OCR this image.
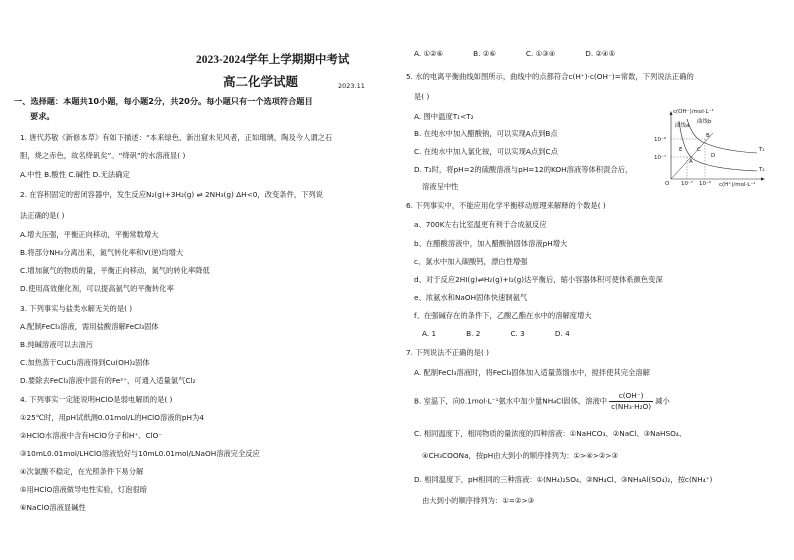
2023-2024学年上学期期中考试
高二化学试题	2023.11
一、选择题：本题共10小题，每小题2分，共20分。每小题只有一个选项符合题目
要求。
1. 唐代苏敬《新修本草》有如下描述：“本来绿色，新出窟未见风者，正如瑠璃，陶及今人谓之石
胆，烧之赤色，故名绛矾矣”。“绛矾”的水溶液显( )
A.中性 B.酸性 C.碱性 D.无法确定
2. 在容积固定的密闭容器中，发生反应N₂(g)+3H₂(g) ⇌ 2NH₃(g) ΔH<0，改变条件，下列说
法正确的是( )
A.增大压强，平衡正向移动，平衡常数增大
B.将部分NH₃分离出来，氮气转化率和V(逆)均增大
C.增加氮气的物质的量，平衡正向移动，氮气的转化率降低
D.使用高效催化剂，可以提高氨气的平衡转化率
3. 下列事实与盐类水解无关的是( )
A.配制FeCl₃溶液，需用盐酸溶解FeCl₃固体
B.纯碱溶液可以去油污
C.加热蒸干CuCl₂溶液得到Cu(OH)₂固体
D.要除去FeCl₃溶液中混有的Fe²⁺，可通入适量氯气Cl₂
4. 下列事实一定能说明HClO是弱电解质的是( )
①25℃时，用pH试纸测0.01mol/L的HClO溶液的pH为4
②HClO水溶液中含有HClO分子和H⁺、ClO⁻
③10mL0.01mol/LHClO溶液恰好与10mL0.01mol/LNaOH溶液完全反应
④次氯酸不稳定，在光照条件下易分解
⑤用HClO溶液做导电性实验，灯泡很暗
⑥NaClO溶液显碱性
A. ①②⑥	B. ②⑥	C. ①③④	D. ②④⑤
5. 水的电离平衡曲线如图所示，曲线中的点都符合c(H⁺)·c(OH⁻)=常数，下列说法正确的
是( )
A. 图中温度T₁<T₂
B. 在纯水中加入醋酸钠，可以实现A点到B点
C. 在纯水中加入氯化铵，可以实现A点到C点
D. T₂时，将pH=2的硫酸溶液与pH=12的KOH溶液等体积混合后，
溶液呈中性
c(OH⁻)/mol·L⁻¹
c(H⁺)/mol·L⁻¹
O
10⁻⁶
10⁻⁷
10⁻⁷ 10⁻⁶
曲线a
曲线b
T₁
T₂
A
B
C
D
E
6. 下列事实中，不能应用化学平衡移动原理来解释的个数是( )
a、700K左右比室温更有利于合成氨反应
b、在醋酸溶液中，加入醋酸钠固体溶液pH增大
c、氯水中加入碳酸钙，漂白性增强
d、对于反应2HI(g)⇌H₂(g)+I₂(g)达平衡后，缩小容器体积可使体系颜色变深
e、浓氨水和NaOH固体快速制氨气
f、在强碱存在的条件下，乙酸乙酯在水中的溶解度增大
A. 1	B. 2	C. 3	D. 4
7. 下列说法不正确的是( )
A. 配制FeCl₃溶液时，将FeCl₃固体加入适量蒸馏水中，搅拌使其完全溶解
B. 室温下，向0.1mol·L⁻¹氨水中加少量NH₄Cl固体，溶液中 $\frac{c(OH^-)}{\text{c(NH₃·H₂O)}}$ 减小
C. 相同温度下，相同物质的量浓度的四种溶液：①NaHCO₃、②NaCl、③NaHSO₄、
④CH₃COONa，按pH由大到小的顺序排列为：①>④>②>③
D. 相同温度下，pH相同的三种溶液：①(NH₄)₂SO₄、②NH₄Cl、③NH₄Al(SO₄)₂，按c(NH₄⁺)
由大到小的顺序排列为：①=②>③
